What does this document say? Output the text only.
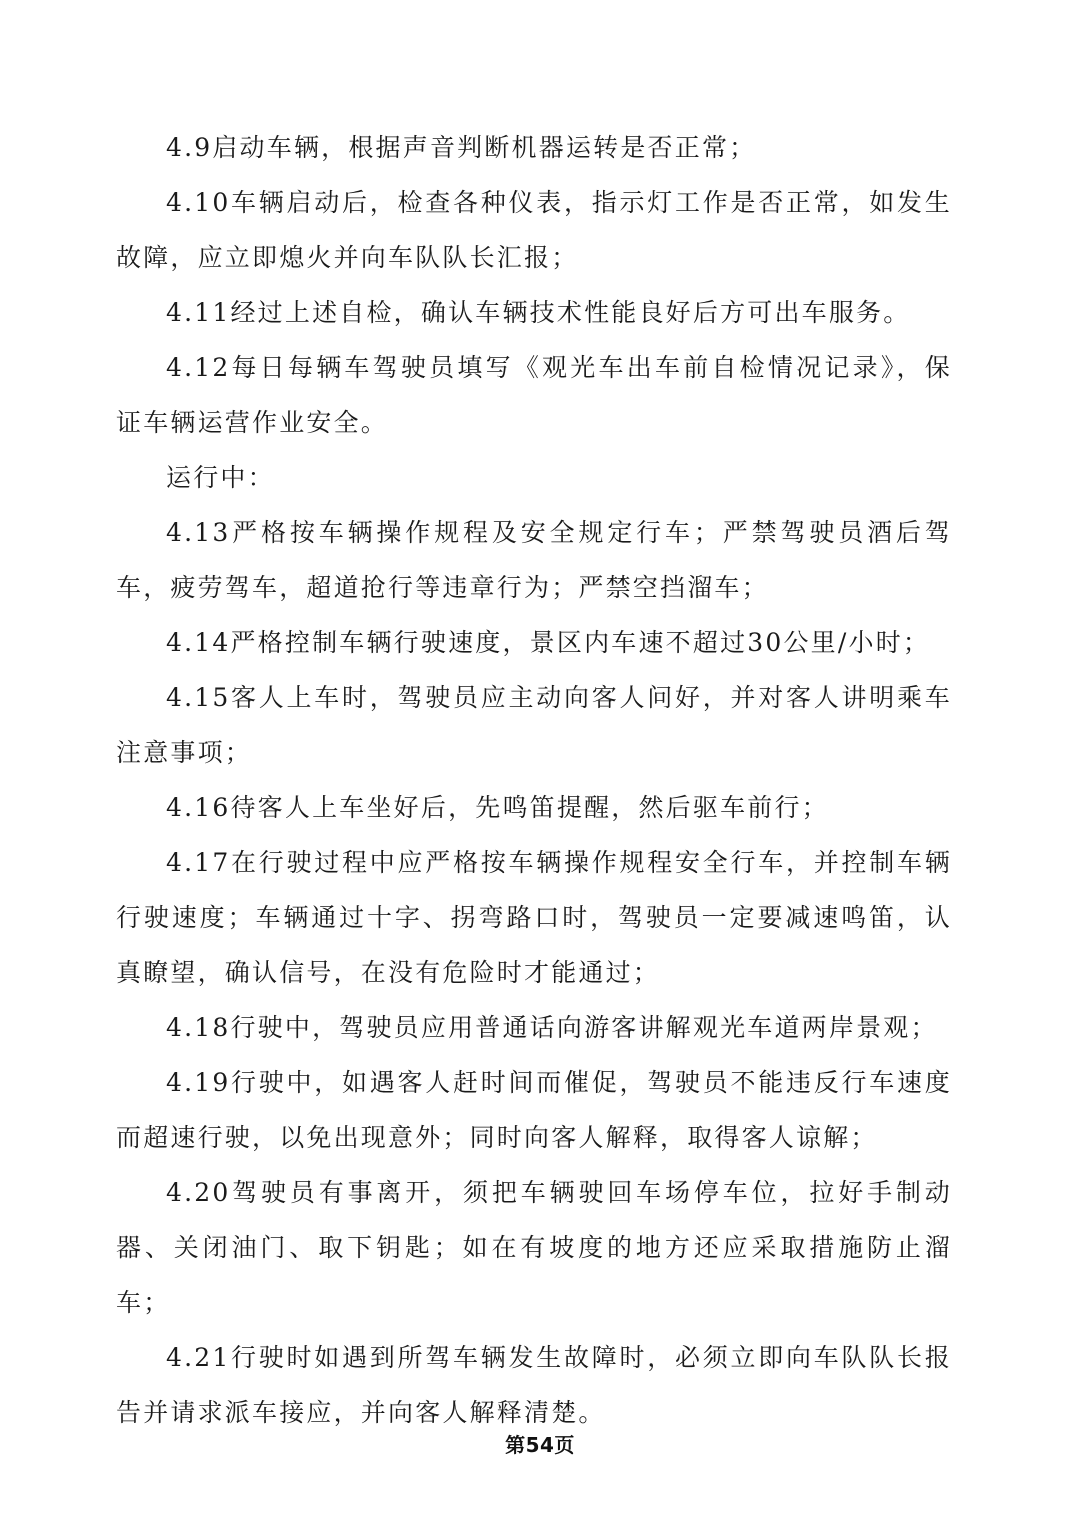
4.9启动车辆，根据声音判断机器运转是否正常；

4.10车辆启动后，检查各种仪表，指示灯工作是否正常，如发生故障，应立即熄火并向车队队长汇报；

4.11经过上述自检，确认车辆技术性能良好后方可出车服务。

4.12每日每辆车驾驶员填写《观光车出车前自检情况记录》，保证车辆运营作业安全。

运行中：

4.13严格按车辆操作规程及安全规定行车；严禁驾驶员酒后驾车，疲劳驾车，超道抢行等违章行为；严禁空挡溜车；

4.14严格控制车辆行驶速度，景区内车速不超过30公里/小时；

4.15客人上车时，驾驶员应主动向客人问好，并对客人讲明乘车注意事项；

4.16待客人上车坐好后，先鸣笛提醒，然后驱车前行；

4.17在行驶过程中应严格按车辆操作规程安全行车，并控制车辆行驶速度；车辆通过十字、拐弯路口时，驾驶员一定要减速鸣笛，认真瞭望，确认信号，在没有危险时才能通过；

4.18行驶中，驾驶员应用普通话向游客讲解观光车道两岸景观；

4.19行驶中，如遇客人赶时间而催促，驾驶员不能违反行车速度而超速行驶，以免出现意外；同时向客人解释，取得客人谅解；

4.20驾驶员有事离开，须把车辆驶回车场停车位，拉好手制动器、关闭油门、取下钥匙；如在有坡度的地方还应采取措施防止溜车；

4.21行驶时如遇到所驾车辆发生故障时，必须立即向车队队长报告并请求派车接应，并向客人解释清楚。

第54页
